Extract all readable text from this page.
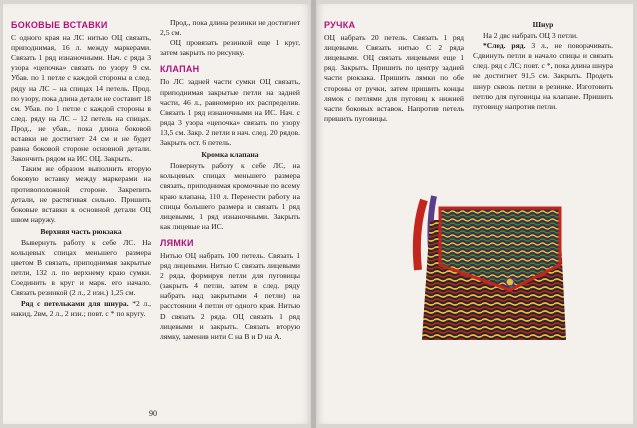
БОКОВЫЕ ВСТАВКИ

С одного края на ЛС нитью ОЦ связать, приподнимая, 16 л. между маркерами. Связать 1 ряд изнаночными. Нач. с ряда 3 узора «цепочка» связать по узору 9 см. Убав. по 1 петле с каждой стороны в след. ряду на ЛС – на спицах 14 петель. Прод. по узору, пока длина детали не составит 18 см. Убав. по 1 петле с каждой стороны в след. ряду на ЛС – 12 петель на спицах. Прод., не убав., пока длина боковой вставки не достигнет 24 см и не будет равна боковой стороне основной детали. Закончить рядом на ИС ОЦ. Закрыть.

Таким же образом выполнить вторую боковую вставку между маркерами на противоположной стороне. Закрепить детали, не растягивая сильно. Пришить боковые вставки к основной детали ОЦ швом наружу.

Верхняя часть рюкзака

Вывернуть работу к себе ЛС. На кольцевых спицах меньшего размера цветом В связать, приподнимая закрытые петли, 132 л. по верхнему краю сумки. Соединить в круг и марк. его начало. Связать резинкой (2 л., 2 изн.) 1,25 см.

Ряд с петельками для шнура. *2 л., накид, 2вм, 2 л., 2 изн.; повт. с * по кругу.

Прод., пока длина резинки не достигнет 2,5 см.

ОЦ провязать резинкой еще 1 круг, затем закрыть по рисунку.

КЛАПАН

По ЛС задней части сумки ОЦ связать, приподнимая закрытые петли на задней части, 46 л., равномерно их распределив. Связать 1 ряд изнаночными на ИС. Нач. с ряда 3 узора «цепочка» связать по узору 13,5 см. Закр. 2 петли в нач. след. 20 рядов. Закрыть ост. 6 петель.

Кромка клапана

Повернуть работу к себе ЛС, на кольцевых спицах меньшего размера связать, приподнимая кромочные по всему краю клапана, 110 л. Перенести работу на спицы большего размера и связать 1 ряд лицевыми, 1 ряд изнаночными. Закрыть как лицевые на ИС.

ЛЯМКИ

Нитью ОЦ набрать 100 петель. Связать 1 ряд лицевыми. Нитью С связать лицевыми 2 ряда, формируя петли для пуговицы (закрыть 4 петли, затем в след. ряду набрать над закрытыми 4 петли) на расстоянии 4 петли от одного края. Нитью D связать 2 ряда. ОЦ связать 1 ряд лицевыми и закрыть. Связать вторую лямку, заменив нити С на В и D на А.

90
РУЧКА

ОЦ набрать 20 петель. Связать 1 ряд лицевыми. Связать нитью С 2 ряда лицевыми. ОЦ связать лицевыми еще 1 ряд. Закрыть. Пришить по центру задней части рюкзака. Пришить лямки по обе стороны от ручки, затем пришить концы лямок с петлями для пуговиц к нижней части боковых вставок. Напротив петель пришить пуговицы.

Шнур

На 2 двс набрать ОЦ 3 петли.

*След. ряд. 3 л., не поворачивать. Сдвинуть петли в начало спицы и связать след. ряд с ЛС; повт. с *, пока длина шнура не достигнет 91,5 см. Закрыть. Продеть шнур сквозь петли в резинке. Изготовить петлю для пуговицы на клапане. Пришить пуговицу напротив петли.
